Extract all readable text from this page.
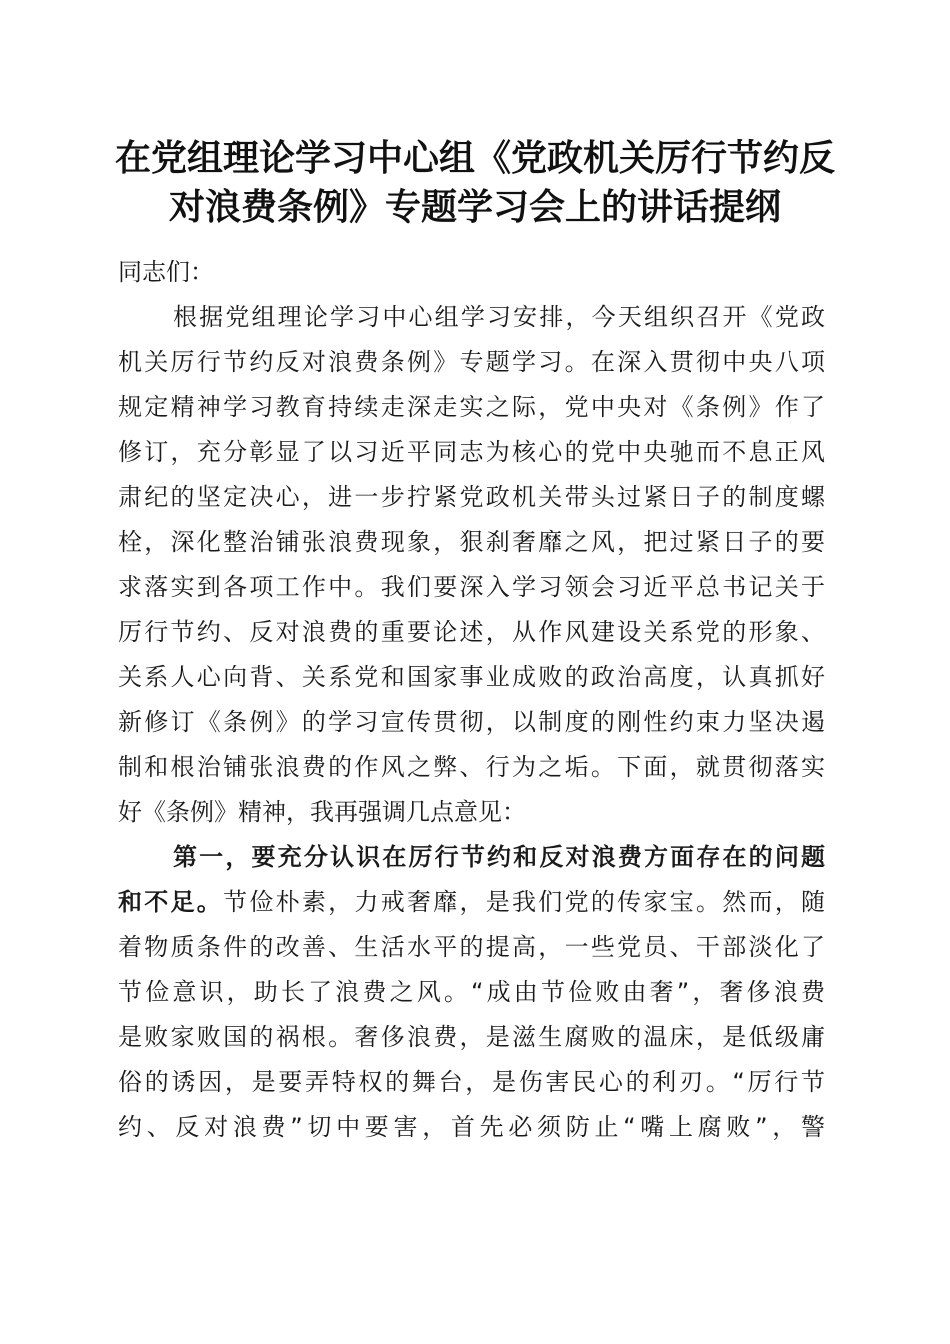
在党组理论学习中心组《党政机关厉行节约反
对浪费条例》专题学习会上的讲话提纲
同志们：
根据党组理论学习中心组学习安排，今天组织召开《党政
机关厉行节约反对浪费条例》专题学习。在深入贯彻中央八项
规定精神学习教育持续走深走实之际，党中央对《条例》作了
修订，充分彰显了以习近平同志为核心的党中央驰而不息正风
肃纪的坚定决心，进一步拧紧党政机关带头过紧日子的制度螺
栓，深化整治铺张浪费现象，狠刹奢靡之风，把过紧日子的要
求落实到各项工作中。我们要深入学习领会习近平总书记关于
厉行节约、反对浪费的重要论述，从作风建设关系党的形象、
关系人心向背、关系党和国家事业成败的政治高度，认真抓好
新修订《条例》的学习宣传贯彻，以制度的刚性约束力坚决遏
制和根治铺张浪费的作风之弊、行为之垢。下面，就贯彻落实
好《条例》精神，我再强调几点意见：
第一，要充分认识在厉行节约和反对浪费方面存在的问题
和不足。节俭朴素，力戒奢靡，是我们党的传家宝。然而，随
着物质条件的改善、生活水平的提高，一些党员、干部淡化了
节俭意识，助长了浪费之风。“成由节俭败由奢”，奢侈浪费
是败家败国的祸根。奢侈浪费，是滋生腐败的温床，是低级庸
俗的诱因，是要弄特权的舞台，是伤害民心的利刃。“厉行节
约、反对浪费”切中要害，首先必须防止“嘴上腐败”，警
